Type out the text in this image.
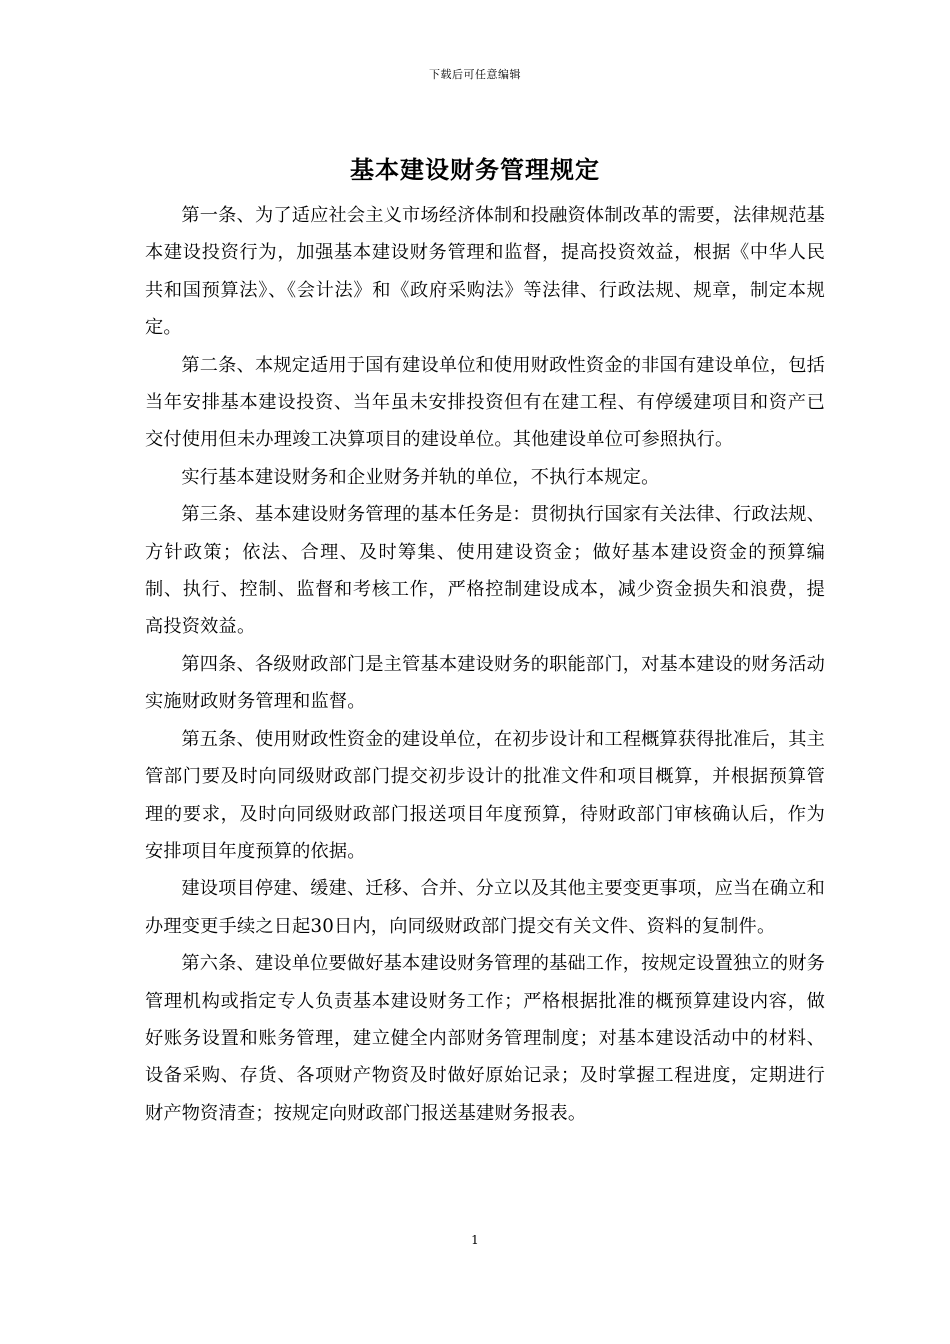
下载后可任意编辑
基本建设财务管理规定

第一条、为了适应社会主义市场经济体制和投融资体制改革的需要，法律规范基本建设投资行为，加强基本建设财务管理和监督，提高投资效益，根据《中华人民共和国预算法》、《会计法》和《政府采购法》等法律、行政法规、规章，制定本规定。

第二条、本规定适用于国有建设单位和使用财政性资金的非国有建设单位，包括当年安排基本建设投资、当年虽未安排投资但有在建工程、有停缓建项目和资产已交付使用但未办理竣工决算项目的建设单位。其他建设单位可参照执行。

实行基本建设财务和企业财务并轨的单位，不执行本规定。

第三条、基本建设财务管理的基本任务是：贯彻执行国家有关法律、行政法规、方针政策；依法、合理、及时筹集、使用建设资金；做好基本建设资金的预算编制、执行、控制、监督和考核工作，严格控制建设成本，减少资金损失和浪费，提高投资效益。

第四条、各级财政部门是主管基本建设财务的职能部门，对基本建设的财务活动实施财政财务管理和监督。

第五条、使用财政性资金的建设单位，在初步设计和工程概算获得批准后，其主管部门要及时向同级财政部门提交初步设计的批准文件和项目概算，并根据预算管理的要求，及时向同级财政部门报送项目年度预算，待财政部门审核确认后，作为安排项目年度预算的依据。

建设项目停建、缓建、迁移、合并、分立以及其他主要变更事项，应当在确立和办理变更手续之日起30日内，向同级财政部门提交有关文件、资料的复制件。

第六条、建设单位要做好基本建设财务管理的基础工作，按规定设置独立的财务管理机构或指定专人负责基本建设财务工作；严格根据批准的概预算建设内容，做好账务设置和账务管理，建立健全内部财务管理制度；对基本建设活动中的材料、设备采购、存货、各项财产物资及时做好原始记录；及时掌握工程进度，定期进行财产物资清查；按规定向财政部门报送基建财务报表。

1
